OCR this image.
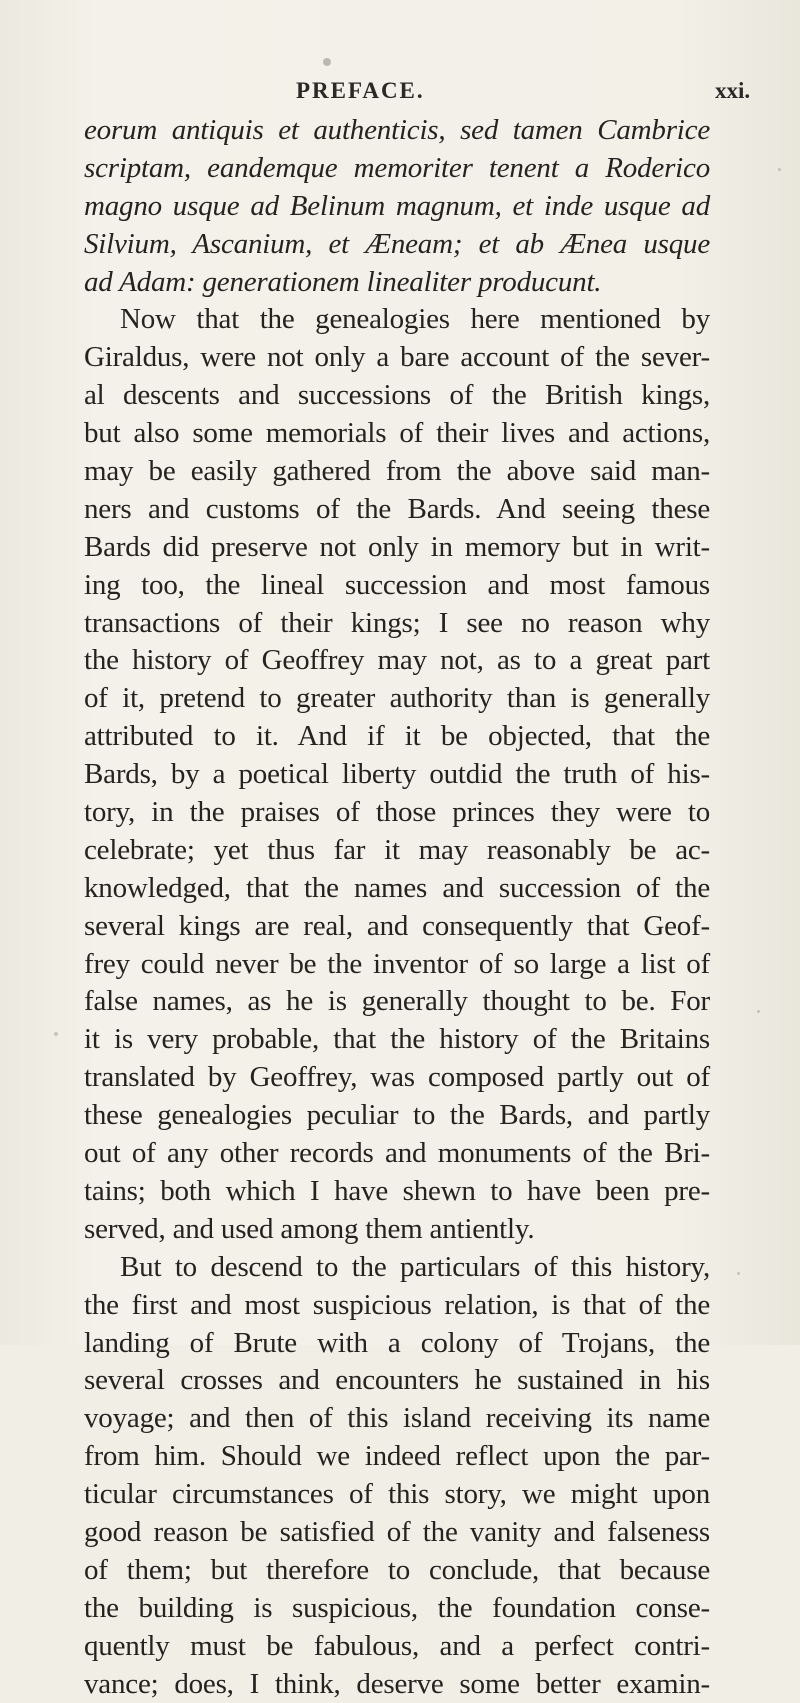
PREFACE.	xxi.
eorum antiquis et authenticis, sed tamen Cambrice
scriptam, eandemque memoriter tenent a Roderico
magno usque ad Belinum magnum, et inde usque ad
Silvium, Ascanium, et Æneam; et ab Ænea usque
ad Adam: generationem linealiter producunt.
Now that the genealogies here mentioned by
Giraldus, were not only a bare account of the sever-
al descents and successions of the British kings,
but also some memorials of their lives and actions,
may be easily gathered from the above said man-
ners and customs of the Bards. And seeing these
Bards did preserve not only in memory but in writ-
ing too, the lineal succession and most famous
transactions of their kings; I see no reason why
the history of Geoffrey may not, as to a great part
of it, pretend to greater authority than is generally
attributed to it. And if it be objected, that the
Bards, by a poetical liberty outdid the truth of his-
tory, in the praises of those princes they were to
celebrate; yet thus far it may reasonably be ac-
knowledged, that the names and succession of the
several kings are real, and consequently that Geof-
frey could never be the inventor of so large a list of
false names, as he is generally thought to be. For
it is very probable, that the history of the Britains
translated by Geoffrey, was composed partly out of
these genealogies peculiar to the Bards, and partly
out of any other records and monuments of the Bri-
tains; both which I have shewn to have been pre-
served, and used among them antiently.
But to descend to the particulars of this history,
the first and most suspicious relation, is that of the
landing of Brute with a colony of Trojans, the
several crosses and encounters he sustained in his
voyage; and then of this island receiving its name
from him. Should we indeed reflect upon the par-
ticular circumstances of this story, we might upon
good reason be satisfied of the vanity and falseness
of them; but therefore to conclude, that because
the building is suspicious, the foundation conse-
quently must be fabulous, and a perfect contri-
vance; does, I think, deserve some better examin-
